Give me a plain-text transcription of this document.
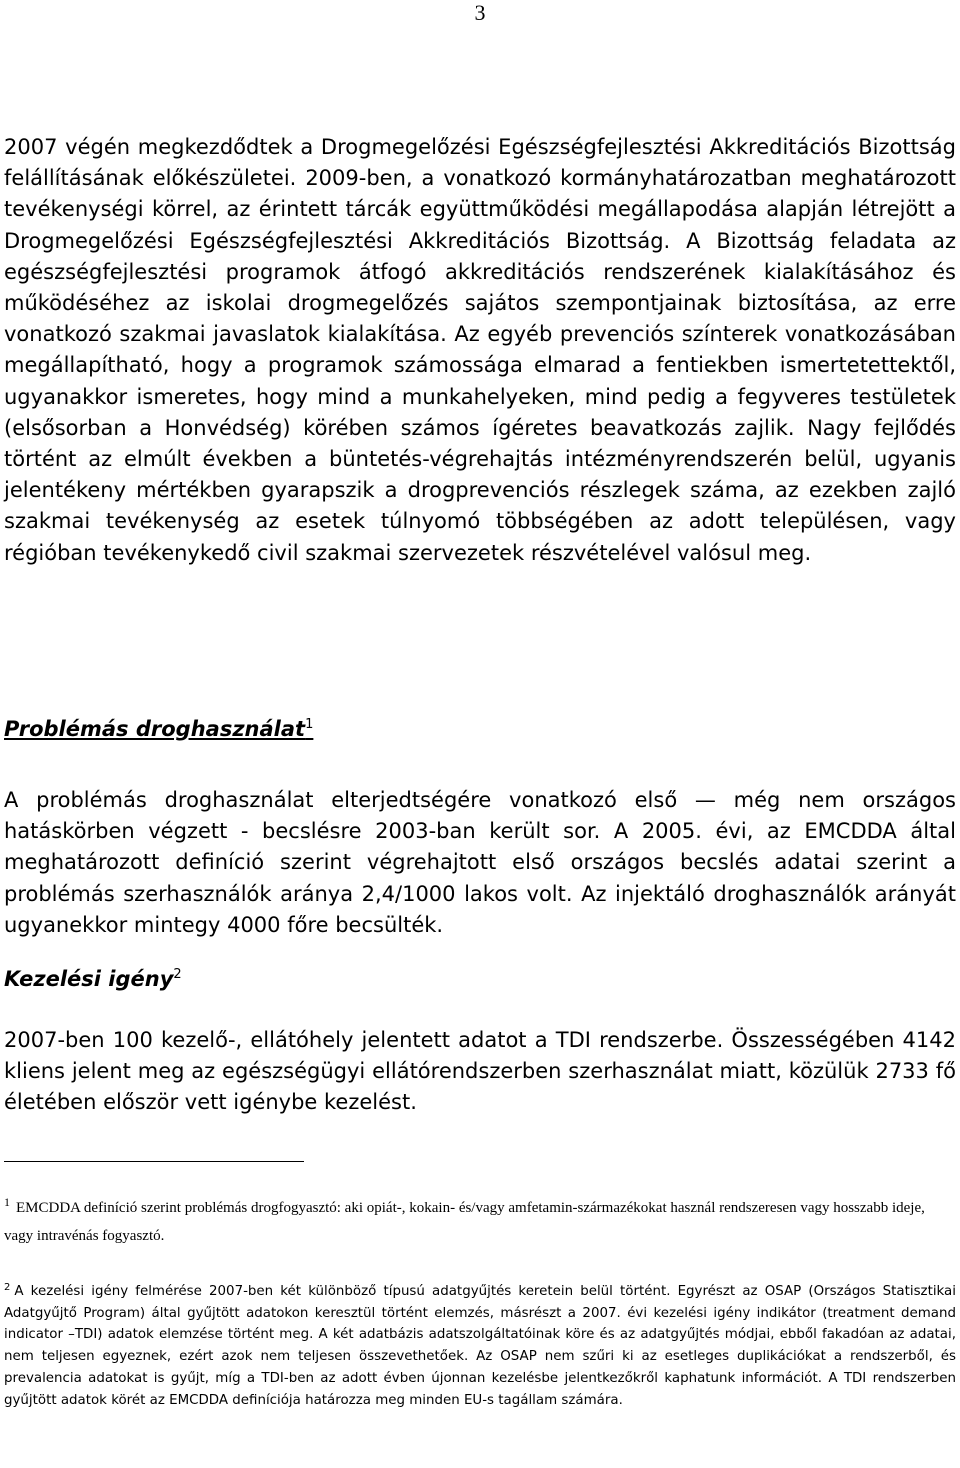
3

2007 végén megkezdődtek a Drogmegelőzési Egészségfejlesztési Akkreditációs Bizottság felállításának előkészületei. 2009-ben, a vonatkozó kormányhatározatban meghatározott tevékenységi körrel, az érintett tárcák együttműködési megállapodása alapján létrejött a Drogmegelőzési Egészségfejlesztési Akkreditációs Bizottság. A Bizottság feladata az egészségfejlesztési programok átfogó akkreditációs rendszerének kialakításához és működéséhez az iskolai drogmegelőzés sajátos szempontjainak biztosítása, az erre vonatkozó szakmai javaslatok kialakítása. Az egyéb prevenciós színterek vonatkozásában megállapítható, hogy a programok számossága elmarad a fentiekben ismertetettektől, ugyanakkor ismeretes, hogy mind a munkahelyeken, mind pedig a fegyveres testületek (elsősorban a Honvédség) körében számos ígéretes beavatkozás zajlik. Nagy fejlődés történt az elmúlt években a büntetés-végrehajtás intézményrendszerén belül, ugyanis jelentékeny mértékben gyarapszik a drogprevenciós részlegek száma, az ezekben zajló szakmai tevékenység az esetek túlnyomó többségében az adott településen, vagy régióban tevékenykedő civil szakmai szervezetek részvételével valósul meg.

Problémás droghasználat$^1$

A problémás droghasználat elterjedtségére vonatkozó első — még nem országos hatáskörben végzett - becslésre 2003-ban került sor. A 2005. évi, az EMCDDA által meghatározott definíció szerint végrehajtott első országos becslés adatai szerint a problémás szerhasználók aránya 2,4/1000 lakos volt. Az injektáló droghasználók arányát ugyanekkor mintegy 4000 főre becsülték.

Kezelési igény$^2$

2007-ben 100 kezelő-, ellátóhely jelentett adatot a TDI rendszerbe. Összességében 4142 kliens jelent meg az egészségügyi ellátórendszerben szerhasználat miatt, közülük 2733 fő életében először vett igénybe kezelést.

$^1$ EMCDDA definíció szerint problémás drogfogyasztó: aki opiát-, kokain- és/vagy amfetamin-származékokat használ rendszeresen vagy hosszabb ideje, vagy intravénás fogyasztó.

$^2$ A kezelési igény felmérése 2007-ben két különböző típusú adatgyűjtés keretein belül történt. Egyrészt az OSAP (Országos Statisztikai Adatgyűjtő Program) által gyűjtött adatokon keresztül történt elemzés, másrészt a 2007. évi kezelési igény indikátor (treatment demand indicator –TDI) adatok elemzése történt meg. A két adatbázis adatszolgáltatóinak köre és az adatgyűjtés módjai, ebből fakadóan az adatai, nem teljesen egyeznek, ezért azok nem teljesen összevethetőek. Az OSAP nem szűri ki az esetleges duplikációkat a rendszerből, és prevalencia adatokat is gyűjt, míg a TDI-ben az adott évben újonnan kezelésbe jelentkezőkről kaphatunk információt. A TDI rendszerben gyűjtött adatok körét az EMCDDA definíciója határozza meg minden EU-s tagállam számára.
